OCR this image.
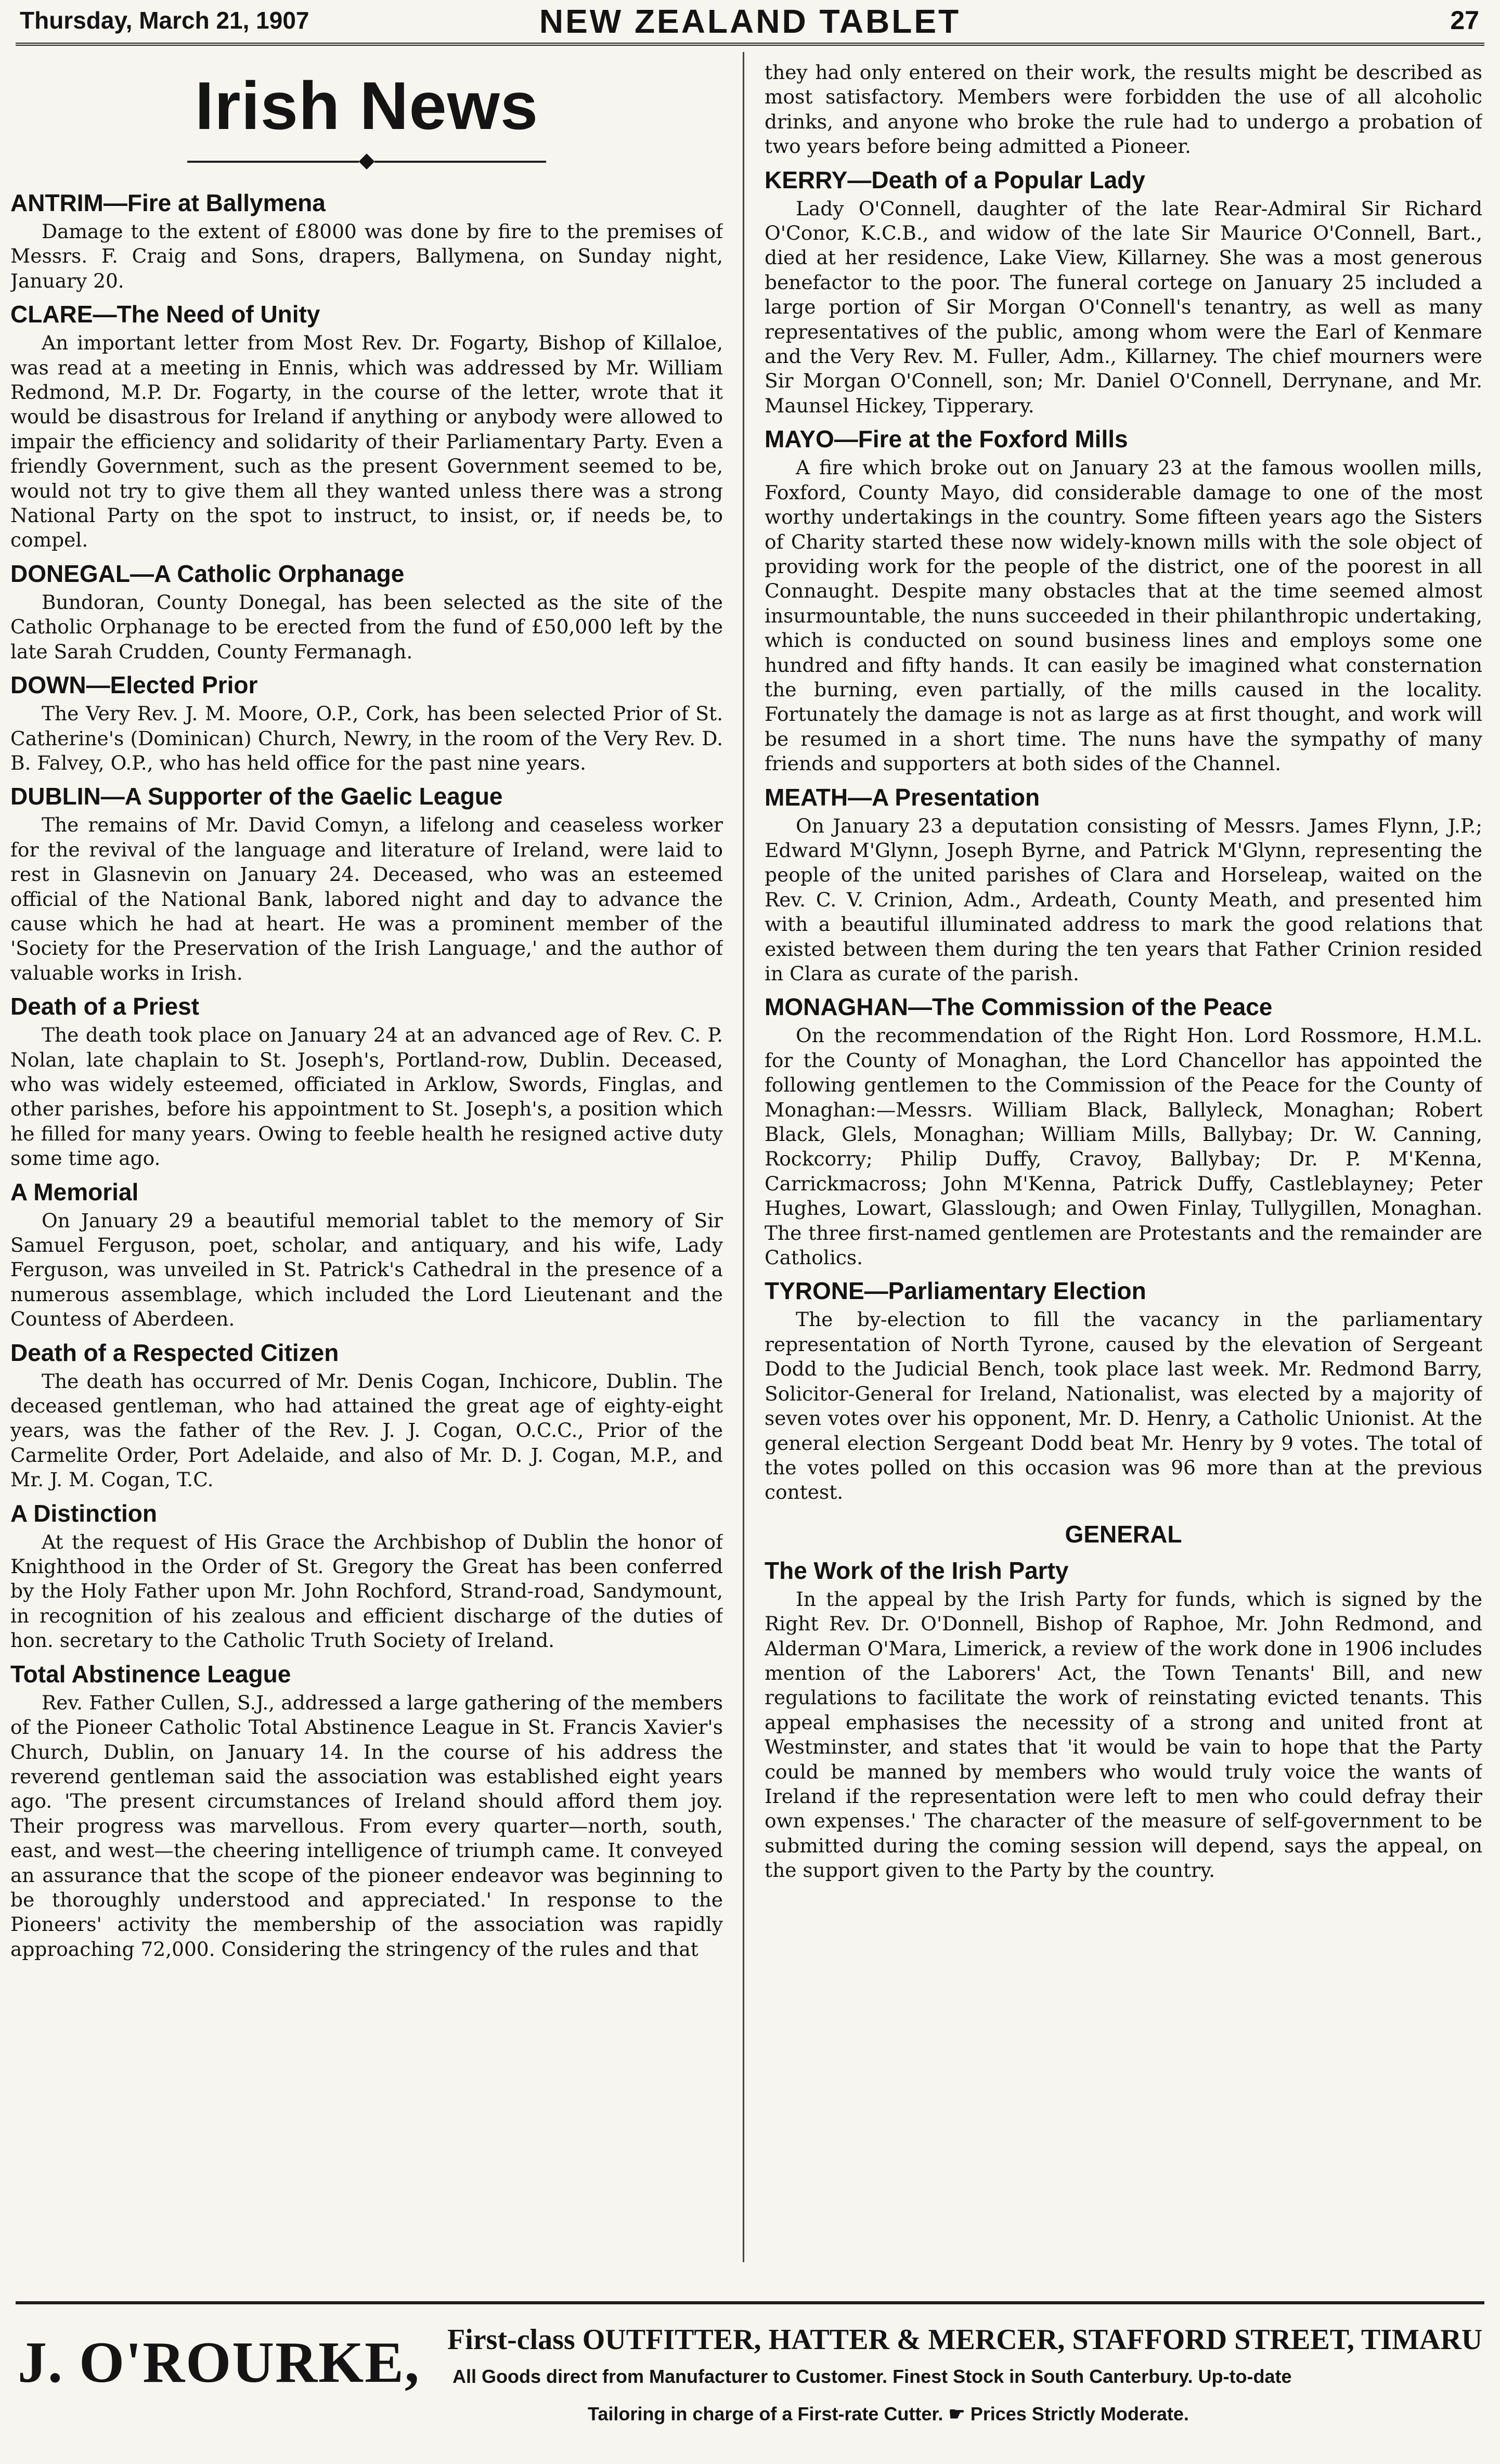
Thursday, March 21, 1907	NEW ZEALAND TABLET	27
Irish News
◆
ANTRIM—Fire at Ballymena

Damage to the extent of £8000 was done by fire to the premises of Messrs. F. Craig and Sons, drapers, Ballymena, on Sunday night, January 20.

CLARE—The Need of Unity

An important letter from Most Rev. Dr. Fogarty, Bishop of Killaloe, was read at a meeting in Ennis, which was addressed by Mr. William Redmond, M.P. Dr. Fogarty, in the course of the letter, wrote that it would be disastrous for Ireland if anything or anybody were allowed to impair the efficiency and solidarity of their Parliamentary Party. Even a friendly Government, such as the present Government seemed to be, would not try to give them all they wanted unless there was a strong National Party on the spot to instruct, to insist, or, if needs be, to compel.

DONEGAL—A Catholic Orphanage

Bundoran, County Donegal, has been selected as the site of the Catholic Orphanage to be erected from the fund of £50,000 left by the late Sarah Crudden, County Fermanagh.

DOWN—Elected Prior

The Very Rev. J. M. Moore, O.P., Cork, has been selected Prior of St. Catherine's (Dominican) Church, Newry, in the room of the Very Rev. D. B. Falvey, O.P., who has held office for the past nine years.

DUBLIN—A Supporter of the Gaelic League

The remains of Mr. David Comyn, a lifelong and ceaseless worker for the revival of the language and literature of Ireland, were laid to rest in Glasnevin on January 24. Deceased, who was an esteemed official of the National Bank, labored night and day to advance the cause which he had at heart. He was a prominent member of the 'Society for the Preservation of the Irish Language,' and the author of valuable works in Irish.

Death of a Priest

The death took place on January 24 at an advanced age of Rev. C. P. Nolan, late chaplain to St. Joseph's, Portland-row, Dublin. Deceased, who was widely esteemed, officiated in Arklow, Swords, Finglas, and other parishes, before his appointment to St. Joseph's, a position which he filled for many years. Owing to feeble health he resigned active duty some time ago.

A Memorial

On January 29 a beautiful memorial tablet to the memory of Sir Samuel Ferguson, poet, scholar, and antiquary, and his wife, Lady Ferguson, was unveiled in St. Patrick's Cathedral in the presence of a numerous assemblage, which included the Lord Lieutenant and the Countess of Aberdeen.

Death of a Respected Citizen

The death has occurred of Mr. Denis Cogan, Inchicore, Dublin. The deceased gentleman, who had attained the great age of eighty-eight years, was the father of the Rev. J. J. Cogan, O.C.C., Prior of the Carmelite Order, Port Adelaide, and also of Mr. D. J. Cogan, M.P., and Mr. J. M. Cogan, T.C.

A Distinction

At the request of His Grace the Archbishop of Dublin the honor of Knighthood in the Order of St. Gregory the Great has been conferred by the Holy Father upon Mr. John Rochford, Strand-road, Sandymount, in recognition of his zealous and efficient discharge of the duties of hon. secretary to the Catholic Truth Society of Ireland.

Total Abstinence League

Rev. Father Cullen, S.J., addressed a large gathering of the members of the Pioneer Catholic Total Abstinence League in St. Francis Xavier's Church, Dublin, on January 14. In the course of his address the reverend gentleman said the association was established eight years ago. 'The present circumstances of Ireland should afford them joy. Their progress was marvellous. From every quarter—north, south, east, and west—the cheering intelligence of triumph came. It conveyed an assurance that the scope of the pioneer endeavor was beginning to be thoroughly understood and appreciated.' In response to the Pioneers' activity the membership of the association was rapidly approaching 72,000. Considering the stringency of the rules and that

they had only entered on their work, the results might be described as most satisfactory. Members were forbidden the use of all alcoholic drinks, and anyone who broke the rule had to undergo a probation of two years before being admitted a Pioneer.

KERRY—Death of a Popular Lady

Lady O'Connell, daughter of the late Rear-Admiral Sir Richard O'Conor, K.C.B., and widow of the late Sir Maurice O'Connell, Bart., died at her residence, Lake View, Killarney. She was a most generous benefactor to the poor. The funeral cortege on January 25 included a large portion of Sir Morgan O'Connell's tenantry, as well as many representatives of the public, among whom were the Earl of Kenmare and the Very Rev. M. Fuller, Adm., Killarney. The chief mourners were Sir Morgan O'Connell, son; Mr. Daniel O'Connell, Derrynane, and Mr. Maunsel Hickey, Tipperary.

MAYO—Fire at the Foxford Mills

A fire which broke out on January 23 at the famous woollen mills, Foxford, County Mayo, did considerable damage to one of the most worthy undertakings in the country. Some fifteen years ago the Sisters of Charity started these now widely-known mills with the sole object of providing work for the people of the district, one of the poorest in all Connaught. Despite many obstacles that at the time seemed almost insurmountable, the nuns succeeded in their philanthropic undertaking, which is conducted on sound business lines and employs some one hundred and fifty hands. It can easily be imagined what consternation the burning, even partially, of the mills caused in the locality. Fortunately the damage is not as large as at first thought, and work will be resumed in a short time. The nuns have the sympathy of many friends and supporters at both sides of the Channel.

MEATH—A Presentation

On January 23 a deputation consisting of Messrs. James Flynn, J.P.; Edward M'Glynn, Joseph Byrne, and Patrick M'Glynn, representing the people of the united parishes of Clara and Horseleap, waited on the Rev. C. V. Crinion, Adm., Ardeath, County Meath, and presented him with a beautiful illuminated address to mark the good relations that existed between them during the ten years that Father Crinion resided in Clara as curate of the parish.

MONAGHAN—The Commission of the Peace

On the recommendation of the Right Hon. Lord Rossmore, H.M.L. for the County of Monaghan, the Lord Chancellor has appointed the following gentlemen to the Commission of the Peace for the County of Monaghan:—Messrs. William Black, Ballyleck, Monaghan; Robert Black, Glels, Monaghan; William Mills, Ballybay; Dr. W. Canning, Rockcorry; Philip Duffy, Cravoy, Ballybay; Dr. P. M'Kenna, Carrickmacross; John M'Kenna, Patrick Duffy, Castleblayney; Peter Hughes, Lowart, Glasslough; and Owen Finlay, Tullygillen, Monaghan. The three first-named gentlemen are Protestants and the remainder are Catholics.

TYRONE—Parliamentary Election

The by-election to fill the vacancy in the parliamentary representation of North Tyrone, caused by the elevation of Sergeant Dodd to the Judicial Bench, took place last week. Mr. Redmond Barry, Solicitor-General for Ireland, Nationalist, was elected by a majority of seven votes over his opponent, Mr. D. Henry, a Catholic Unionist. At the general election Sergeant Dodd beat Mr. Henry by 9 votes. The total of the votes polled on this occasion was 96 more than at the previous contest.

GENERAL
The Work of the Irish Party

In the appeal by the Irish Party for funds, which is signed by the Right Rev. Dr. O'Donnell, Bishop of Raphoe, Mr. John Redmond, and Alderman O'Mara, Limerick, a review of the work done in 1906 includes mention of the Laborers' Act, the Town Tenants' Bill, and new regulations to facilitate the work of reinstating evicted tenants. This appeal emphasises the necessity of a strong and united front at Westminster, and states that 'it would be vain to hope that the Party could be manned by members who would truly voice the wants of Ireland if the representation were left to men who could defray their own expenses.' The character of the measure of self-government to be submitted during the coming session will depend, says the appeal, on the support given to the Party by the country.

J. O'ROURKE, First-class OUTFITTER, HATTER & MERCER, STAFFORD STREET, TIMARU
All Goods direct from Manufacturer to Customer. Finest Stock in South Canterbury. Up-to-date
Tailoring in charge of a First-rate Cutter. ☛ Prices Strictly Moderate.
